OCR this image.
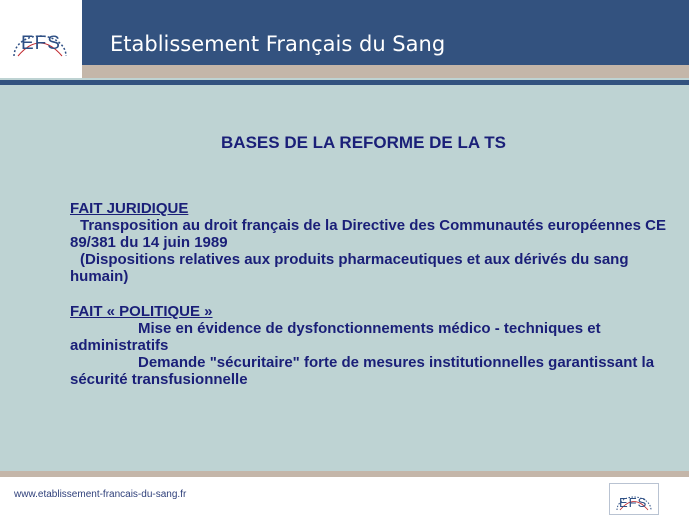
EFS Etablissement Français du Sang
BASES DE LA REFORME DE LA TS
FAIT JURIDIQUE

Transposition au droit français de la Directive des Communautés européennes CE 89/381 du 14 juin 1989

(Dispositions relatives aux produits pharmaceutiques et aux dérivés du sang humain)

FAIT « POLITIQUE »

Mise en évidence de dysfonctionnements médico - techniques et administratifs

Demande "sécuritaire" forte de mesures institutionnelles garantissant la sécurité transfusionnelle

www.etablissement-francais-du-sang.fr
EFS
